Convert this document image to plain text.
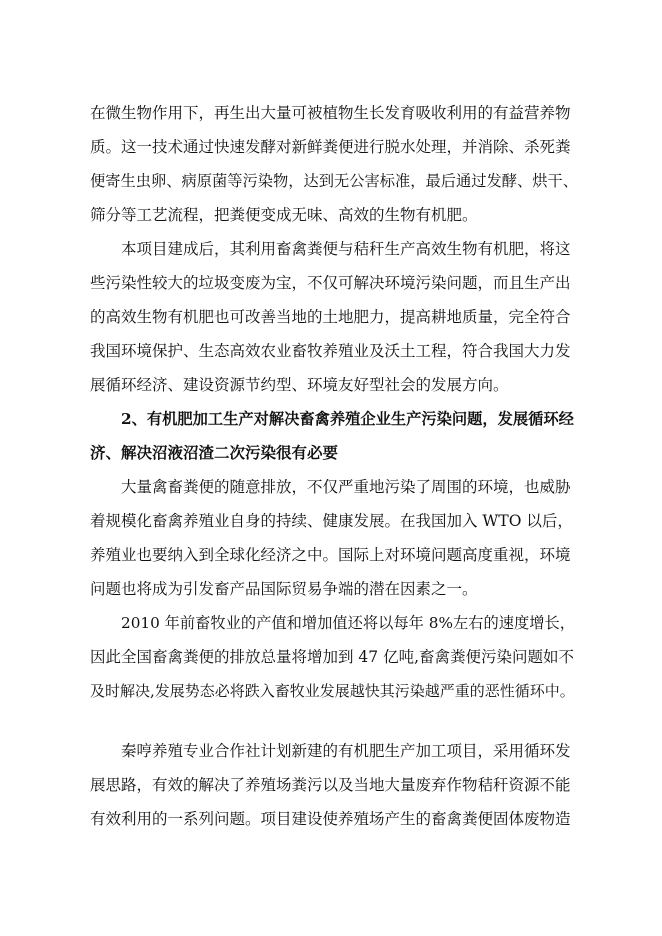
在微生物作用下，再生出大量可被植物生长发育吸收利用的有益营养物
质。这一技术通过快速发酵对新鲜粪便进行脱水处理，并消除、杀死粪
便寄生虫卵、病原菌等污染物，达到无公害标准，最后通过发酵、烘干、
筛分等工艺流程，把粪便变成无味、高效的生物有机肥。
本项目建成后，其利用畜禽粪便与秸秆生产高效生物有机肥，将这
些污染性较大的垃圾变废为宝，不仅可解决环境污染问题，而且生产出
的高效生物有机肥也可改善当地的土地肥力，提高耕地质量，完全符合
我国环境保护、生态高效农业畜牧养殖业及沃土工程，符合我国大力发
展循环经济、建设资源节约型、环境友好型社会的发展方向。
2、有机肥加工生产对解决畜禽养殖企业生产污染问题，发展循环经
济、解决沼液沼渣二次污染很有必要
大量禽畜粪便的随意排放，不仅严重地污染了周围的环境，也威胁
着规模化畜禽养殖业自身的持续、健康发展。在我国加入 WTO 以后，
养殖业也要纳入到全球化经济之中。国际上对环境问题高度重视，环境
问题也将成为引发畜产品国际贸易争端的潜在因素之一。
2010 年前畜牧业的产值和增加值还将以每年 8%左右的速度增长，
因此全国畜禽粪便的排放总量将增加到 47 亿吨,畜禽粪便污染问题如不
及时解决,发展势态必将跌入畜牧业发展越快其污染越严重的恶性循环中。
秦哼养殖专业合作社计划新建的有机肥生产加工项目，采用循环发
展思路，有效的解决了养殖场粪污以及当地大量废弃作物秸秆资源不能
有效利用的一系列问题。项目建设使养殖场产生的畜禽粪便固体废物造
